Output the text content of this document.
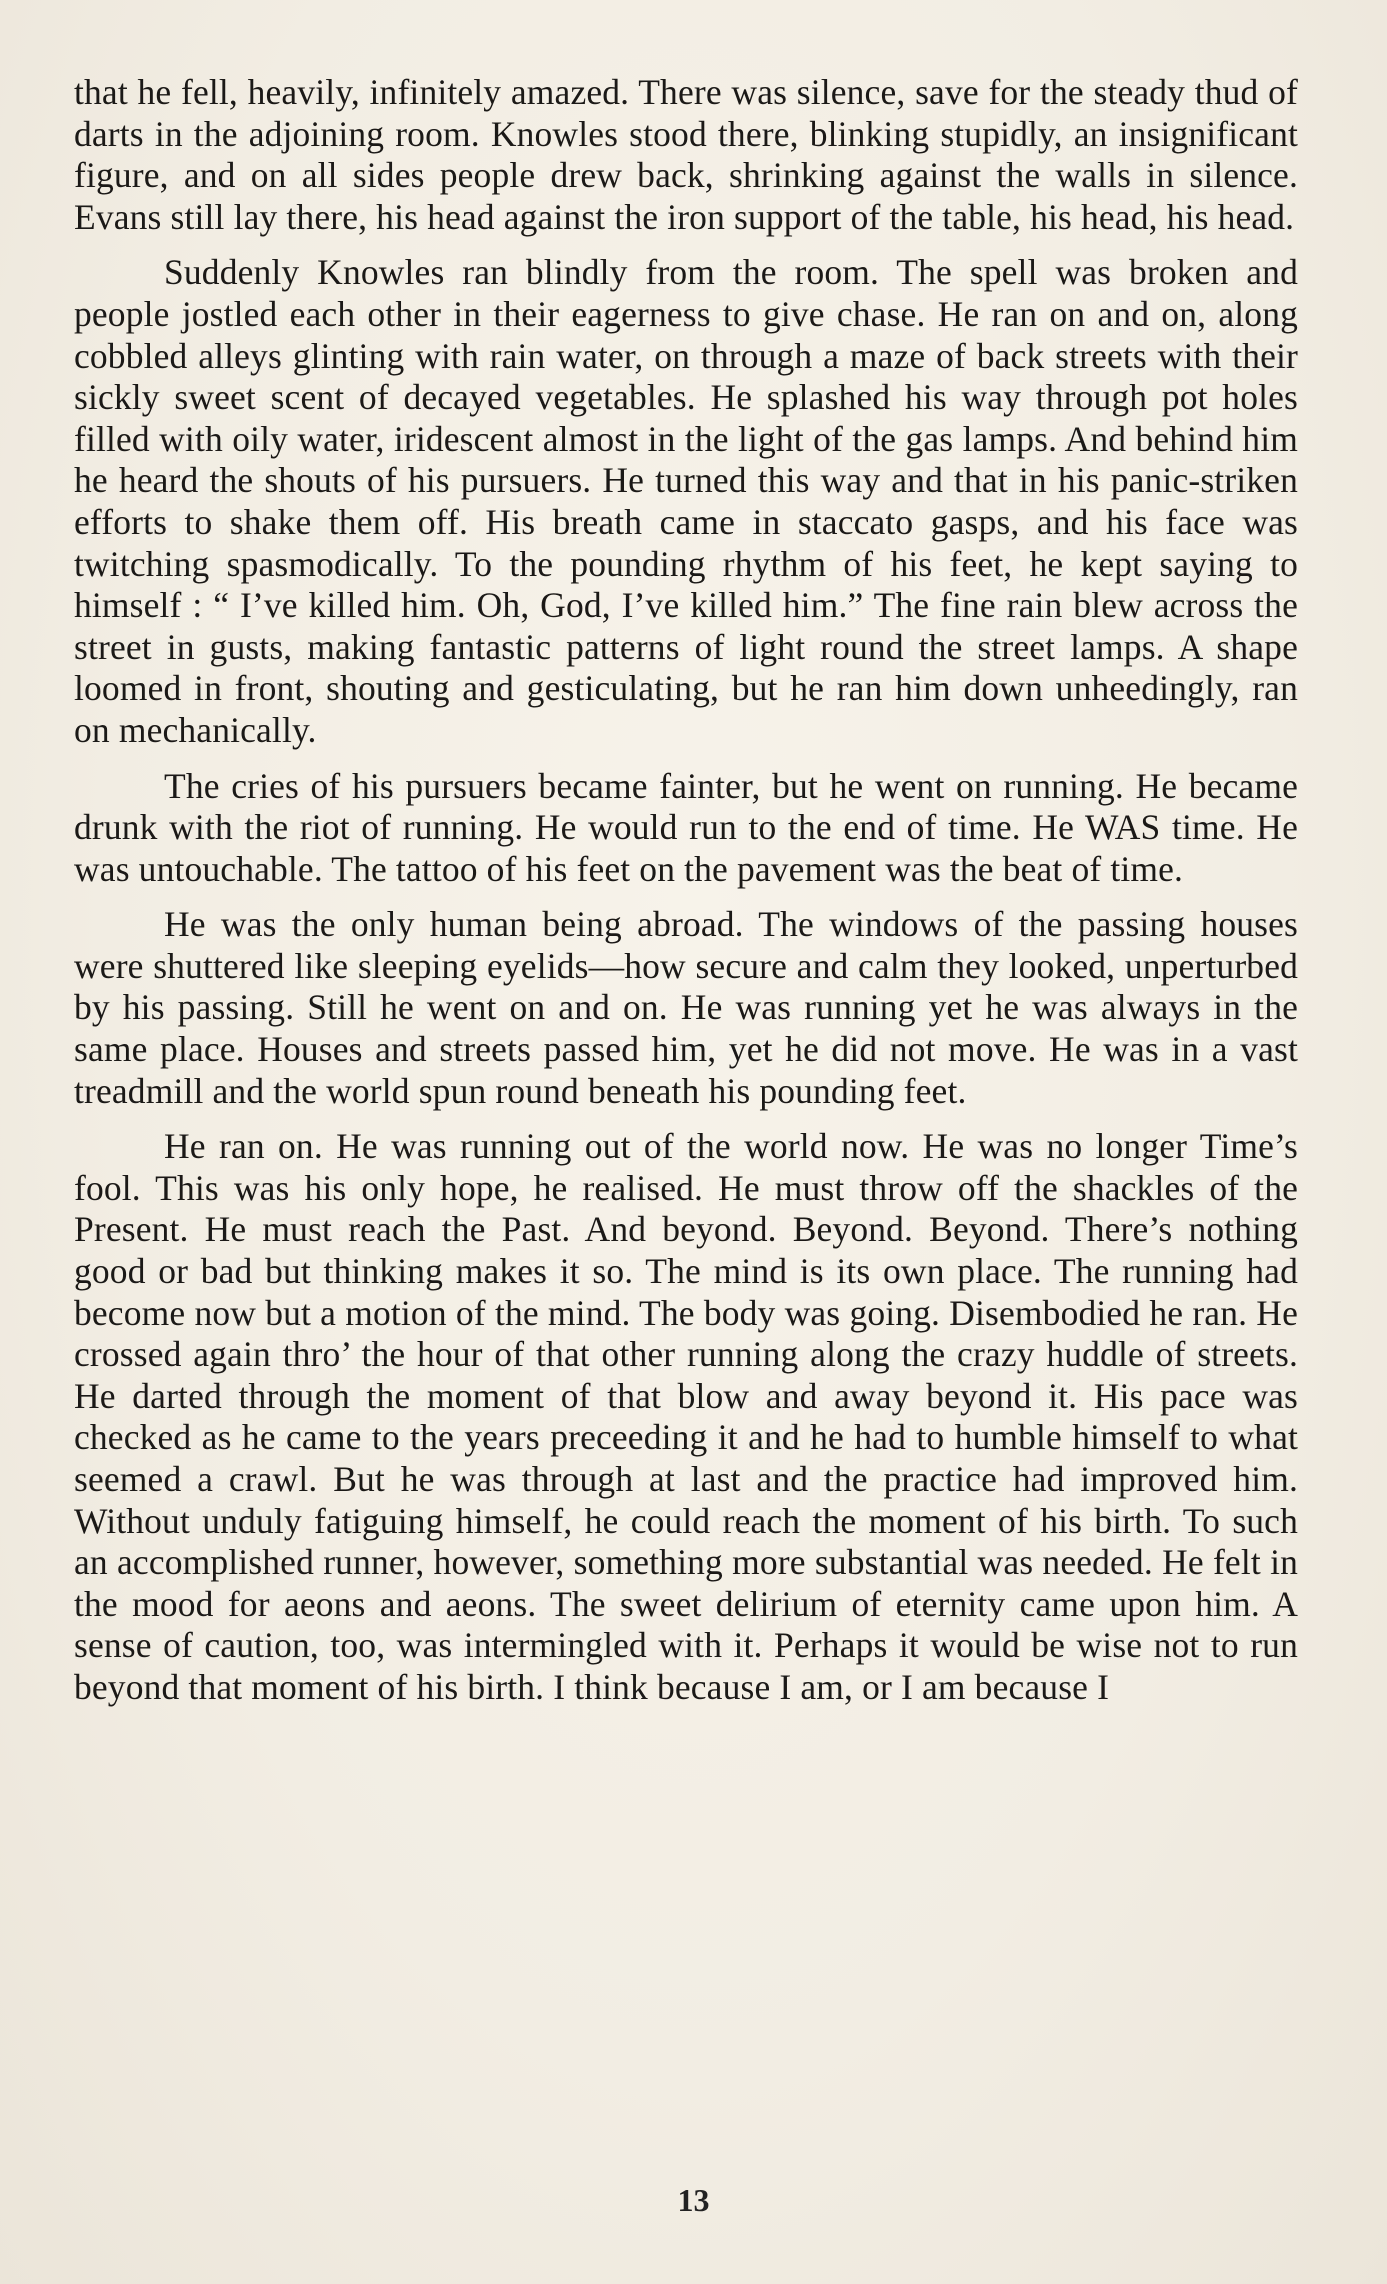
that he fell, heavily, infinitely amazed. There was silence, save for the steady thud of darts in the adjoining room. Knowles stood there, blinking stupidly, an insignificant figure, and on all sides people drew back, shrinking against the walls in silence. Evans still lay there, his head against the iron support of the table, his head, his head.

Suddenly Knowles ran blindly from the room. The spell was broken and people jostled each other in their eagerness to give chase. He ran on and on, along cobbled alleys glinting with rain water, on through a maze of back streets with their sickly sweet scent of decayed vegetables. He splashed his way through pot holes filled with oily water, iridescent almost in the light of the gas lamps. And behind him he heard the shouts of his pursuers. He turned this way and that in his panic-striken efforts to shake them off. His breath came in staccato gasps, and his face was twitching spasmodically. To the pounding rhythm of his feet, he kept saying to himself : “ I’ve killed him. Oh, God, I’ve killed him.” The fine rain blew across the street in gusts, making fantastic patterns of light round the street lamps. A shape loomed in front, shouting and gesticulating, but he ran him down unheedingly, ran on mechanically.

The cries of his pursuers became fainter, but he went on running. He became drunk with the riot of running. He would run to the end of time. He WAS time. He was untouchable. The tattoo of his feet on the pavement was the beat of time.

He was the only human being abroad. The windows of the passing houses were shuttered like sleeping eyelids—how secure and calm they looked, unperturbed by his passing. Still he went on and on. He was running yet he was always in the same place. Houses and streets passed him, yet he did not move. He was in a vast treadmill and the world spun round beneath his pounding feet.

He ran on. He was running out of the world now. He was no longer Time’s fool. This was his only hope, he realised. He must throw off the shackles of the Present. He must reach the Past. And beyond. Beyond. Beyond. There’s nothing good or bad but thinking makes it so. The mind is its own place. The running had become now but a motion of the mind. The body was going. Disembodied he ran. He crossed again thro’ the hour of that other running along the crazy huddle of streets. He darted through the moment of that blow and away beyond it. His pace was checked as he came to the years preceeding it and he had to humble himself to what seemed a crawl. But he was through at last and the practice had improved him. Without unduly fatiguing himself, he could reach the moment of his birth. To such an accomplished runner, however, something more substantial was needed. He felt in the mood for aeons and aeons. The sweet delirium of eternity came upon him. A sense of caution, too, was intermingled with it. Perhaps it would be wise not to run beyond that moment of his birth. I think because I am, or I am because I

13
